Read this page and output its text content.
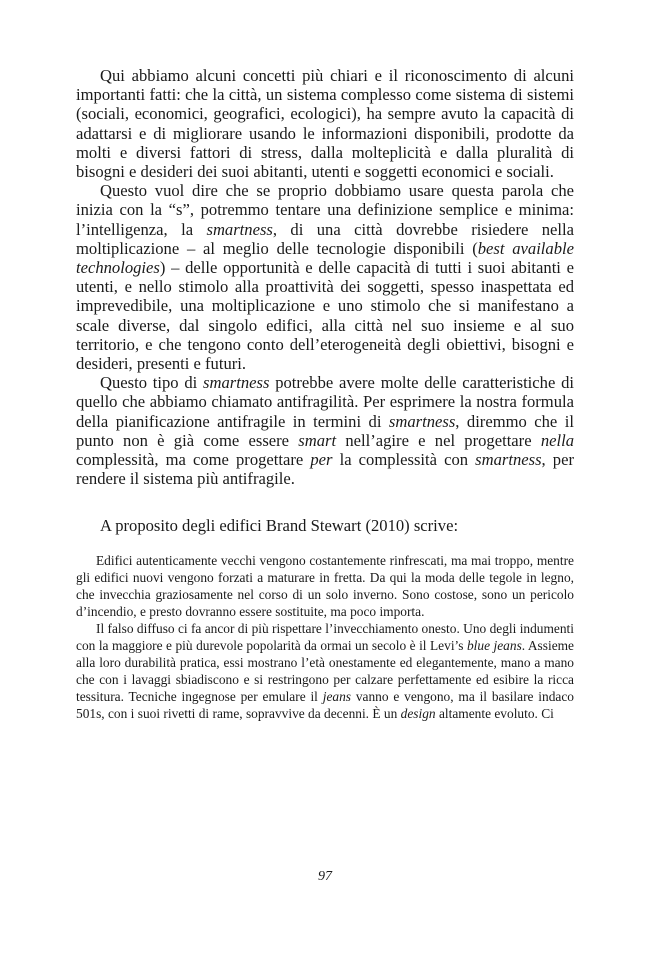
Qui abbiamo alcuni concetti più chiari e il riconoscimento di alcuni importanti fatti: che la città, un sistema complesso come sistema di sistemi (sociali, economici, geografici, ecologici), ha sempre avuto la capacità di adattarsi e di migliorare usando le informazioni disponibili, prodotte da molti e diversi fattori di stress, dalla molteplicità e dalla pluralità di bisogni e desideri dei suoi abitanti, utenti e soggetti economici e sociali.

Questo vuol dire che se proprio dobbiamo usare questa parola che inizia con la “s”, potremmo tentare una definizione semplice e minima: l’intelligenza, la smartness, di una città dovrebbe risiedere nella moltiplicazione – al meglio delle tecnologie disponibili (best available technologies) – delle opportunità e delle capacità di tutti i suoi abitanti e utenti, e nello stimolo alla proattività dei soggetti, spesso inaspettata ed imprevedibile, una moltiplicazione e uno stimolo che si manifestano a scale diverse, dal singolo edifici, alla città nel suo insieme e al suo territorio, e che tengono conto dell’eterogeneità degli obiettivi, bisogni e desideri, presenti e futuri.

Questo tipo di smartness potrebbe avere molte delle caratteristiche di quello che abbiamo chiamato antifragilità. Per esprimere la nostra formula della pianificazione antifragile in termini di smartness, diremmo che il punto non è già come essere smart nell’agire e nel progettare nella complessità, ma come progettare per la complessità con smartness, per rendere il sistema più antifragile.

A proposito degli edifici Brand Stewart (2010) scrive:

Edifici autenticamente vecchi vengono costantemente rinfrescati, ma mai troppo, mentre gli edifici nuovi vengono forzati a maturare in fretta. Da qui la moda delle tegole in legno, che invecchia graziosamente nel corso di un solo inverno. Sono costose, sono un pericolo d’incendio, e presto dovranno essere sostituite, ma poco importa.

Il falso diffuso ci fa ancor di più rispettare l’invecchiamento onesto. Uno degli indumenti con la maggiore e più durevole popolarità da ormai un secolo è il Levi’s blue jeans. Assieme alla loro durabilità pratica, essi mostrano l’età onestamente ed elegantemente, mano a mano che con i lavaggi sbiadiscono e si restringono per calzare perfettamente ed esibire la ricca tessitura. Tecniche ingegnose per emulare il jeans vanno e vengono, ma il basilare indaco 501s, con i suoi rivetti di rame, sopravvive da decenni. È un design altamente evoluto. Ci

97
